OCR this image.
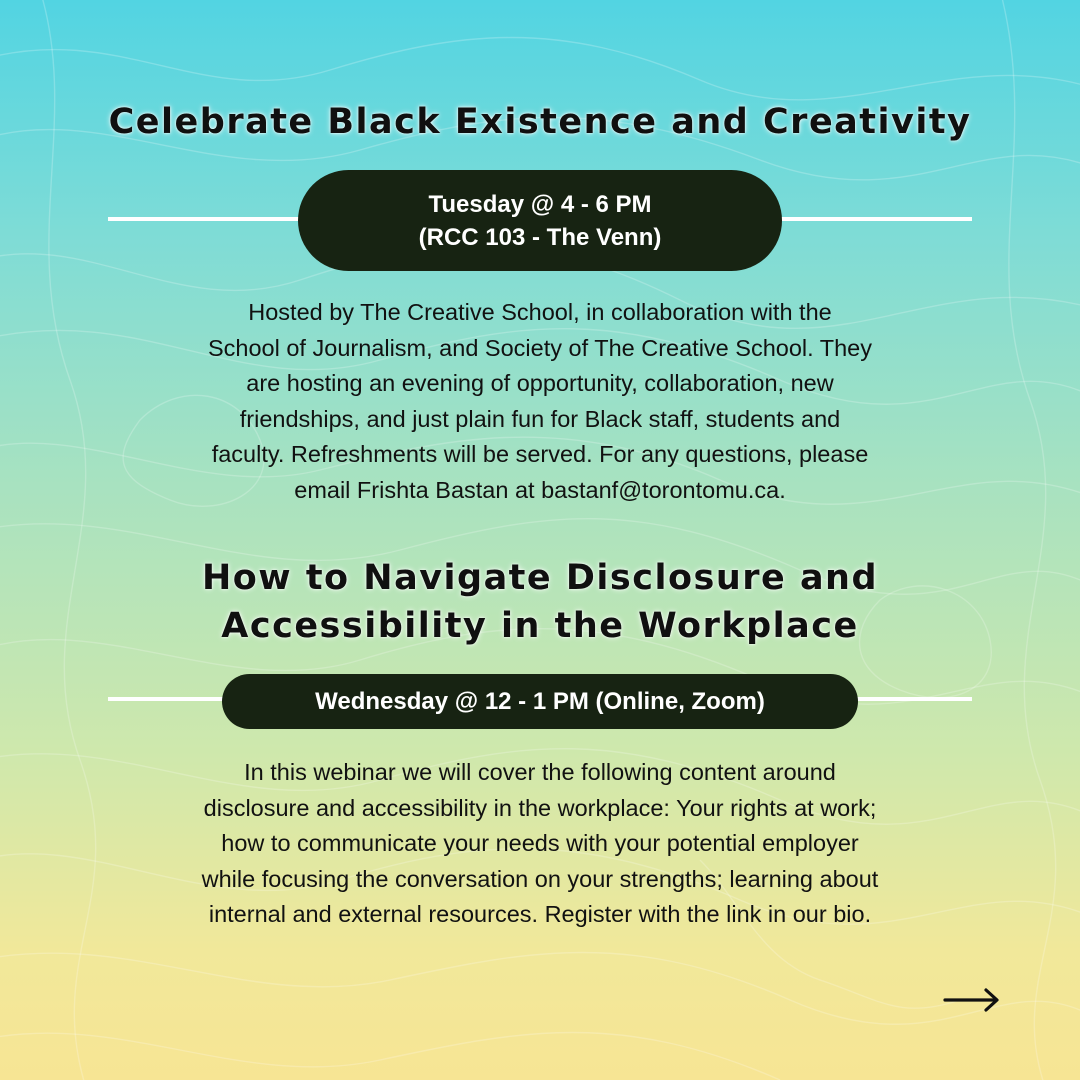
Celebrate Black Existence and Creativity
Tuesday @ 4 - 6 PM
(RCC 103 - The Venn)

Hosted by The Creative School, in collaboration with the
School of Journalism, and Society of The Creative School. They
are hosting an evening of opportunity, collaboration, new
friendships, and just plain fun for Black staff, students and
faculty. Refreshments will be served. For any questions, please
email Frishta Bastan at bastanf@torontomu.ca.

How to Navigate Disclosure and
Accessibility in the Workplace
Wednesday @ 12 - 1 PM (Online, Zoom)

In this webinar we will cover the following content around
disclosure and accessibility in the workplace: Your rights at work;
how to communicate your needs with your potential employer
while focusing the conversation on your strengths; learning about
internal and external resources. Register with the link in our bio.
